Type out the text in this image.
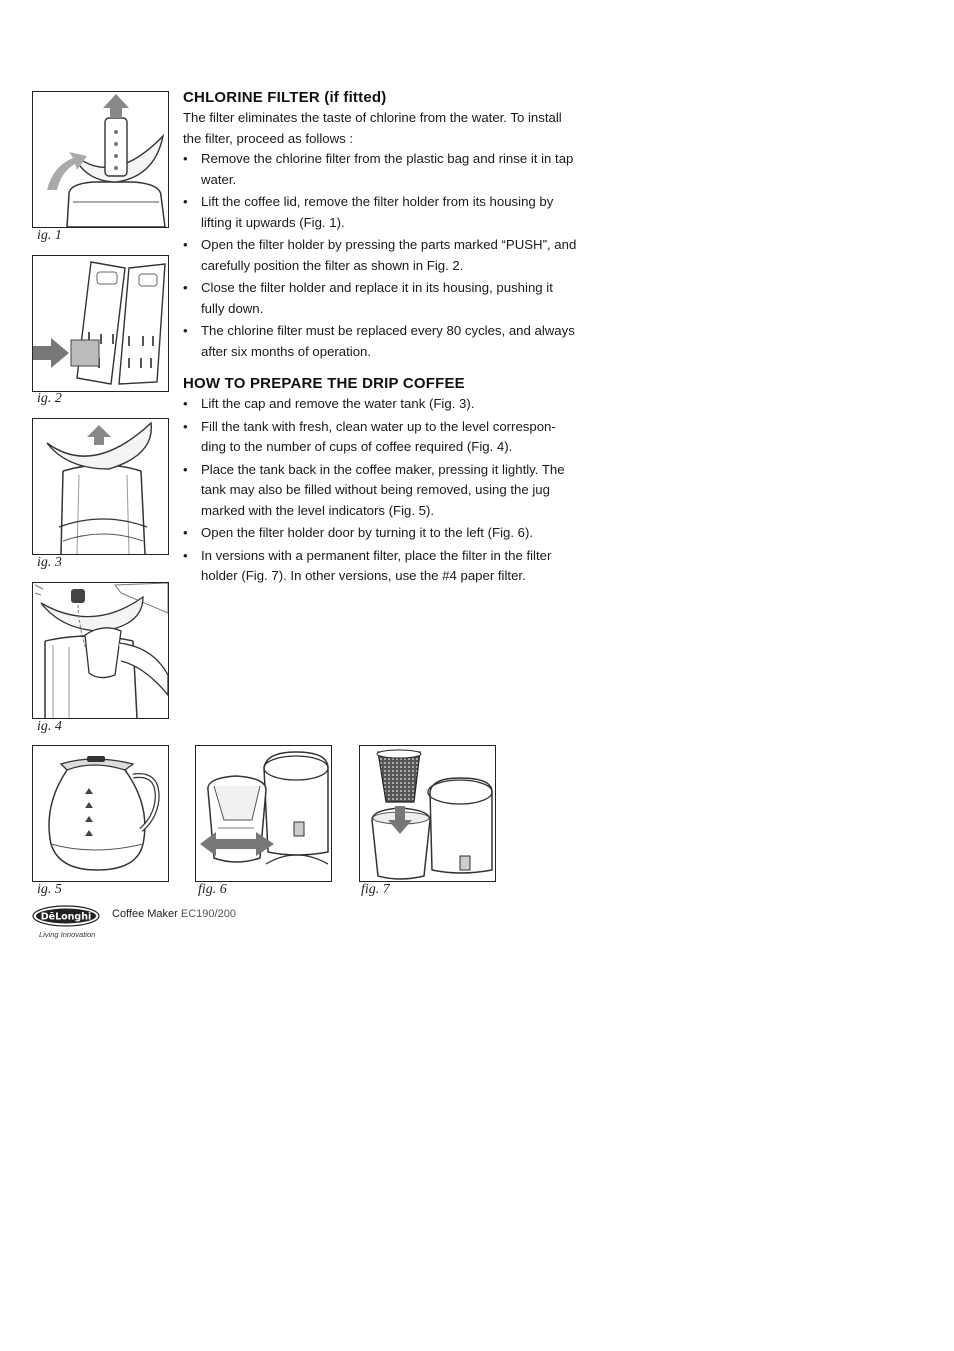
ig. 1
ig. 2
ig. 3
ig. 4
ig. 5	fig. 6	fig. 7
CHLORINE FILTER (if fitted)

The filter eliminates the taste of chlorine from the water. To install the filter, proceed as follows :

• Remove the chlorine filter from the plastic bag and rinse it in tap water.
• Lift the coffee lid, remove the filter holder from its housing by lifting it upwards (Fig. 1).
• Open the filter holder by pressing the parts marked “PUSH”, and carefully position the filter as shown in Fig. 2.
• Close the filter holder and replace it in its housing, pushing it fully down.
• The chlorine filter must be replaced every 80 cycles, and always after six months of operation.
HOW TO PREPARE THE DRIP COFFEE
• Lift the cap and remove the water tank (Fig. 3).
• Fill the tank with fresh, clean water up to the level correspon-ding to the number of cups of coffee required (Fig. 4).
• Place the tank back in the coffee maker, pressing it lightly. The tank may also be filled without being removed, using the jug marked with the level indicators (Fig. 5).
• Open the filter holder door by turning it to the left (Fig. 6).
• In versions with a permanent filter, place the filter in the filter holder (Fig. 7). In other versions, use the #4 paper filter.
DēLonghi
Living Innovation
Coffee Maker EC190/200
